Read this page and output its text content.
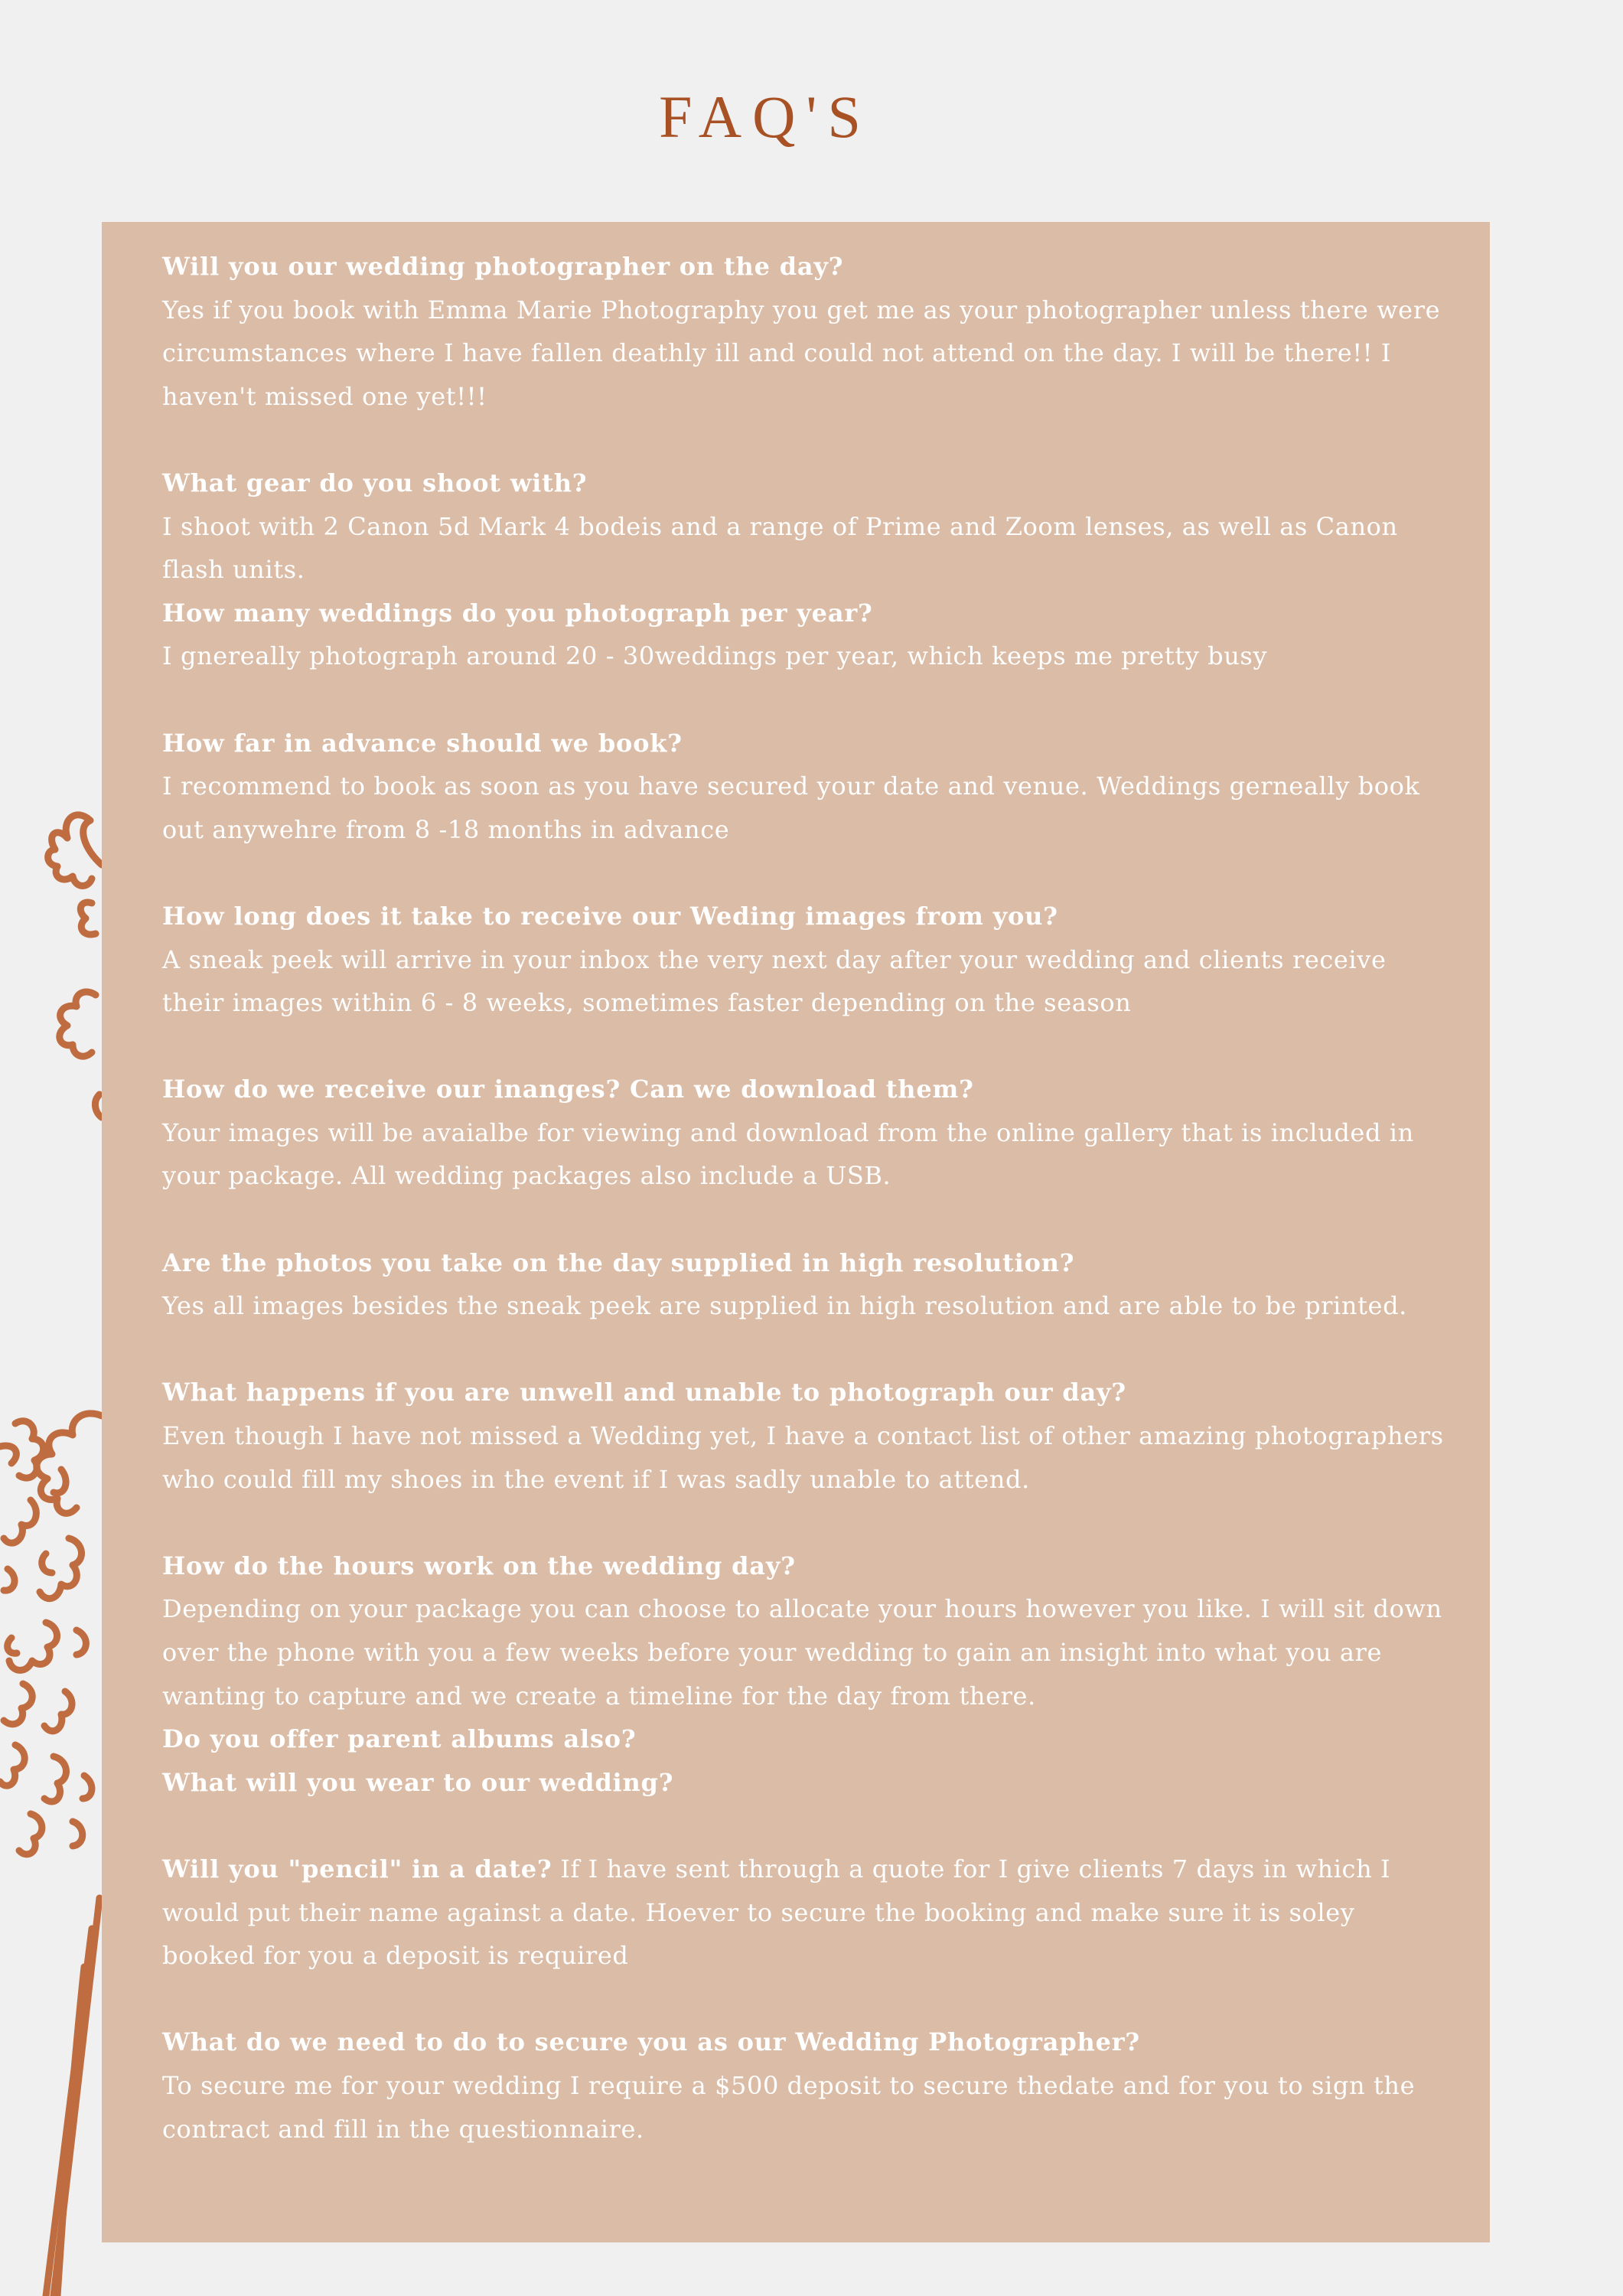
FAQ'S

Will you our wedding photographer on the day?

Yes if you book with Emma Marie Photography you get me as your photographer unless there were circumstances where I have fallen deathly ill and could not attend on the day. I will be there!! I haven't missed one yet!!!

What gear do you shoot with?

I shoot with 2 Canon 5d Mark 4 bodeis and a range of Prime and Zoom lenses, as well as Canon flash units.

How many weddings do you photograph per year?

I gnereally photograph around 20 - 30weddings per year, which keeps me pretty busy

How far in advance should we book?

I recommend to book as soon as you have secured your date and venue. Weddings gerneally book out anywehre from 8 -18 months in advance

How long does it take to receive our Weding images from you?

A sneak peek will arrive in your inbox the very next day after your wedding and clients receive their images within 6 - 8 weeks, sometimes faster depending on the season

How do we receive our inanges? Can we download them?

Your images will be avaialbe for viewing and download from the online gallery that is included in your package. All wedding packages also include a USB.

Are the photos you take on the day supplied in high resolution?

Yes all images besides the sneak peek are supplied in high resolution and are able to be printed.

What happens if you are unwell and unable to photograph our day?

Even though I have not missed a Wedding yet, I have a contact list of other amazing photographers who could fill my shoes in the event if I was sadly unable to attend.

How do the hours work on the wedding day?

Depending on your package you can choose to allocate your hours however you like. I will sit down over the phone with you a few weeks before your wedding to gain an insight into what you are wanting to capture and we create a timeline for the day from there.

Do you offer parent albums also?

What will you wear to our wedding?

Will you "pencil" in a date? If I have sent through a quote for I give clients 7 days in which I would put their name against a date. Hoever to secure the booking and make sure it is soley booked for you a deposit is required

What do we need to do to secure you as our Wedding Photographer?

To secure me for your wedding I require a $500 deposit to secure thedate and for you to sign the contract and fill in the questionnaire.
